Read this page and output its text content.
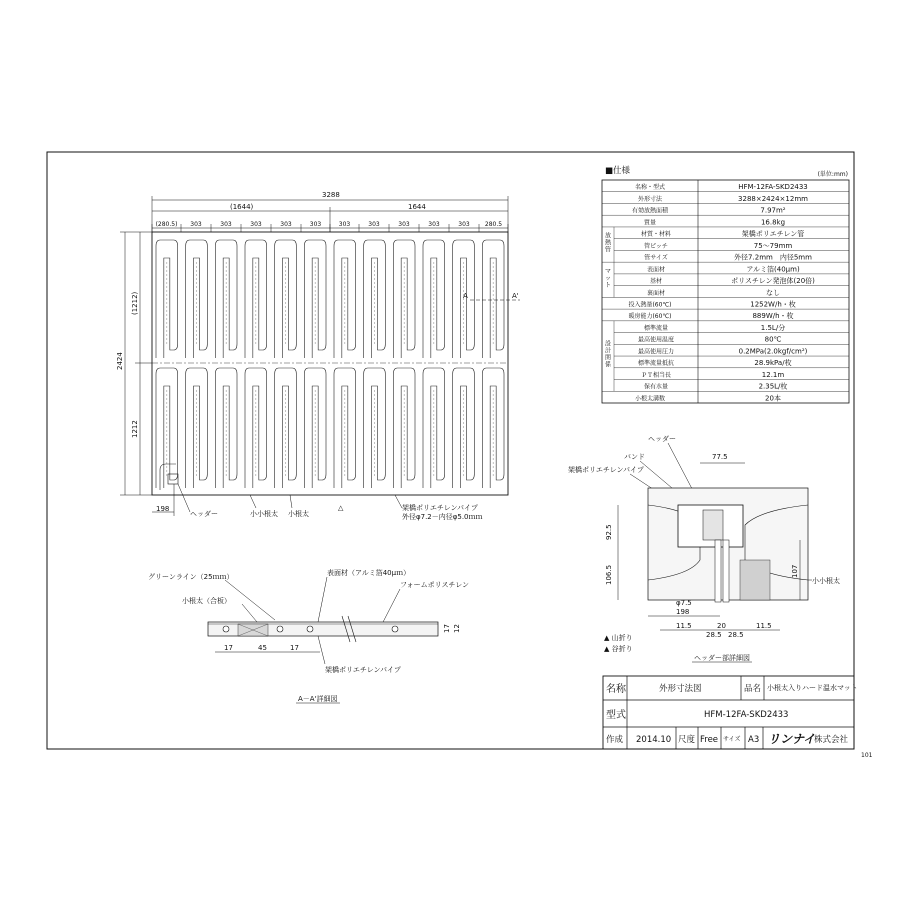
101
3288
(1644)	1644
(280.5) 303	303	303	303	303	303	303	303	303	303	280.5
2424
(1212)
1212
A	A'
198
ヘッダー	小小根太 小根太
△	架橋ポリエチレンパイプ
外径φ7.2－内径φ5.0ｍｍ
グリーンライン（25ｍｍ）
小根太（合板）
表面材（アルミ箔40μｍ）
フォームポリスチレン
17	45	17
17 12
架橋ポリエチレンパイプ
A－A'詳細図
ヘッダー
バンド
架橋ポリエチレンパイプ
77.5
92.5
106.5	107
小小根太
φ7.5
198
11.5	20	11.5
28.5 28.5
▲ 山折り
▲ 谷折り
ヘッダー部詳細図
■仕様	(単位:mm)
名称・型式	HFM-12FA-SKD2433
外形寸法	3288×2424×12mm
有効放熱面積	7.97m²
質量	16.8kg
材質・材料	架橋ポリエチレン管
管ピッチ	75～79mm
管サイズ	外径7.2mm　内径5mm
表面材	アルミ箔(40μm)
基材	ポリスチレン発泡体(20倍)
裏面材	なし
投入熱量(60℃)	1252W/h・枚
暖房能力(60℃)	889W/h・枚
標準流量	1.5L/分
最高使用温度	80℃
最高使用圧力	0.2MPa(2.0kgf/cm²)
標準流量抵抗	28.9kPa/枚
ＰＴ相当長	12.1m
保有水量	2.35L/枚
小根太溝数	20本
放熱管
マット
設計関係
名称	外形寸法図	品名 小根太入りハード温水マット
型式	HFM-12FA-SKD2433
作成 2014.10 尺度 Free サイズ A3 リンナイ
株式会社
